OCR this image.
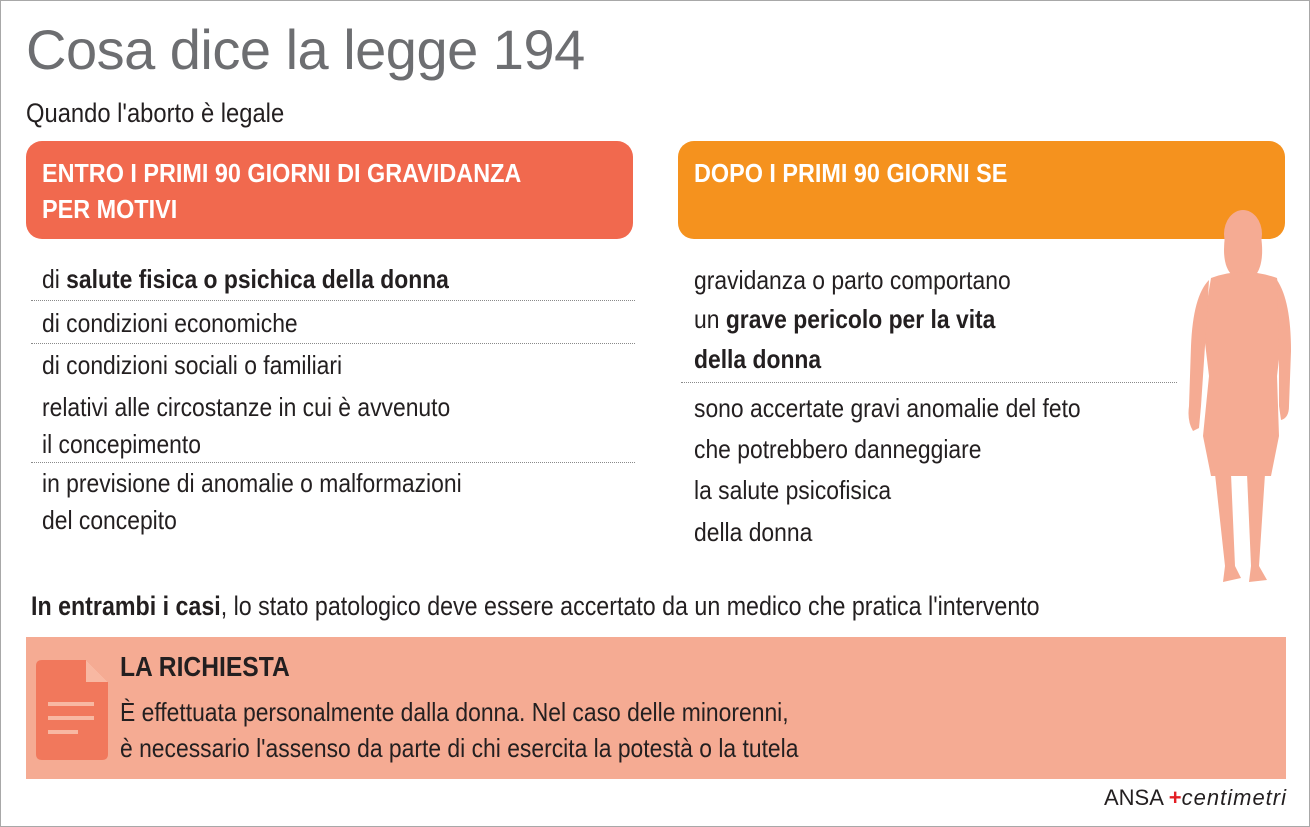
Cosa dice la legge 194
Quando l'aborto è legale
ENTRO I PRIMI 90 GIORNI DI GRAVIDANZA
PER MOTIVI
DOPO I PRIMI 90 GIORNI SE
di salute fisica o psichica della donna
di condizioni economiche
di condizioni sociali o familiari
relativi alle circostanze in cui è avvenuto
il concepimento
in previsione di anomalie o malformazioni
del concepito
gravidanza o parto comportano
un grave pericolo per la vita
della donna
sono accertate gravi anomalie del feto
che potrebbero danneggiare
la salute psicofisica
della donna
In entrambi i casi, lo stato patologico deve essere accertato da un medico che pratica l'intervento
LA RICHIESTA
È effettuata personalmente dalla donna. Nel caso delle minorenni,
è necessario l'assenso da parte di chi esercita la potestà o la tutela
ANSA +centimetri
